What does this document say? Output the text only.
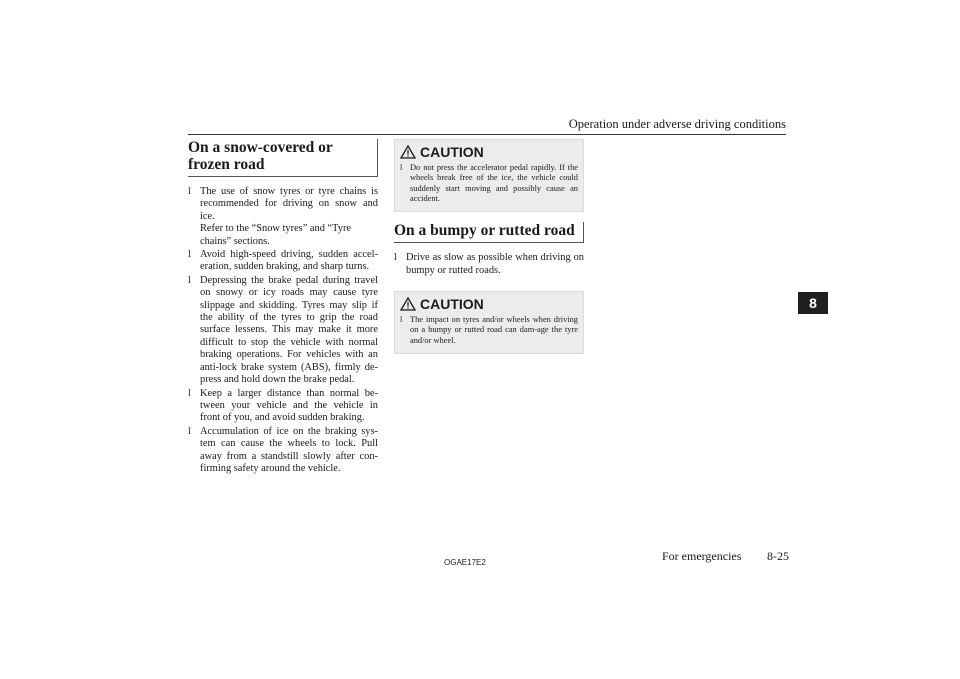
Operation under adverse driving conditions
8
On a snow-covered or frozen road
l The use of snow tyres or tyre chains is recommended for driving on snow and ice.
Refer to the “Snow tyres” and “Tyre chains” sections.
l Avoid high-speed driving, sudden accel-eration, sudden braking, and sharp turns.
l Depressing the brake pedal during travel on snowy or icy roads may cause tyre slippage and skidding. Tyres may slip if the ability of the tyres to grip the road surface lessens. This may make it more difficult to stop the vehicle with normal braking operations. For vehicles with an anti-lock brake system (ABS), firmly de-press and hold down the brake pedal.
l Keep a larger distance than normal be-tween your vehicle and the vehicle in front of you, and avoid sudden braking.
l Accumulation of ice on the braking sys-tem can cause the wheels to lock. Pull away from a standstill slowly after con-firming safety around the vehicle.
CAUTION
l Do not press the accelerator pedal rapidly. If the wheels break free of the ice, the vehicle could suddenly start moving and possibly cause an accident.
On a bumpy or rutted road
l Drive as slow as possible when driving on bumpy or rutted roads.
CAUTION
l The impact on tyres and/or wheels when driving on a bumpy or rutted road can dam-age the tyre and/or wheel.
OGAE17E2	For emergencies 8-25
